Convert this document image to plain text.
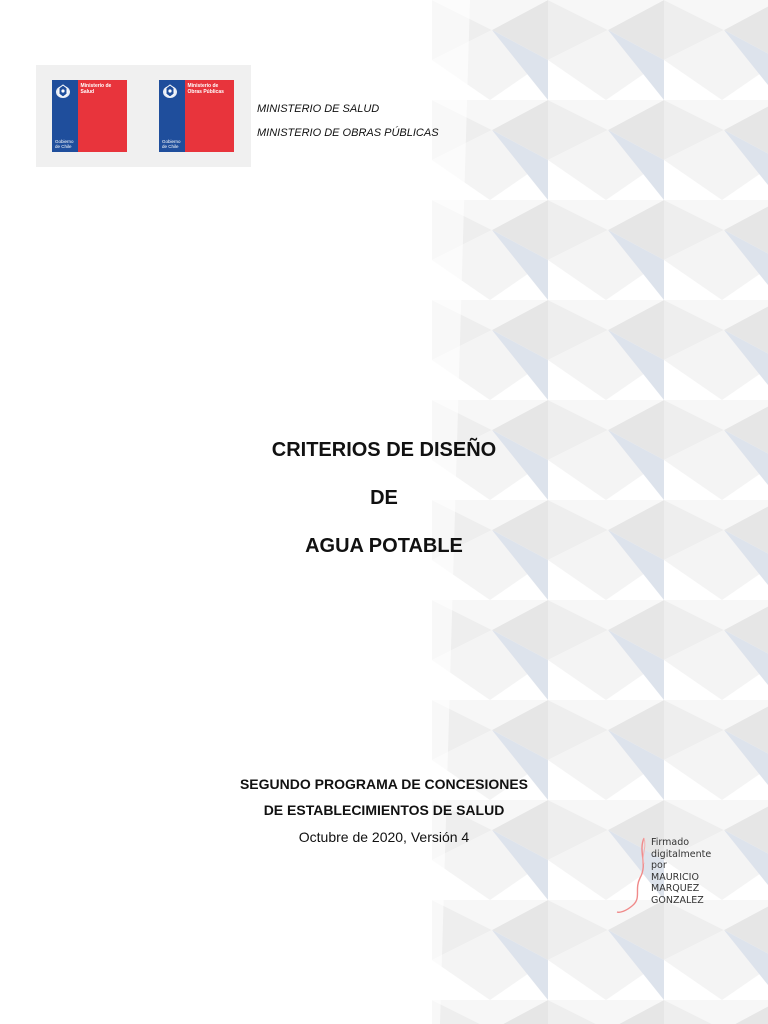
Gobierno de Chile
Ministerio de Salud
Gobierno de Chile
Ministerio de Obras Públicas
MINISTERIO DE SALUD
MINISTERIO DE OBRAS PÚBLICAS
CRITERIOS DE DISEÑO
DE
AGUA POTABLE
SEGUNDO PROGRAMA DE CONCESIONES
DE ESTABLECIMIENTOS DE SALUD
Octubre de 2020, Versión 4	Firmado
digitalmente
por
MAURICIO
MARQUEZ
GONZALEZ
